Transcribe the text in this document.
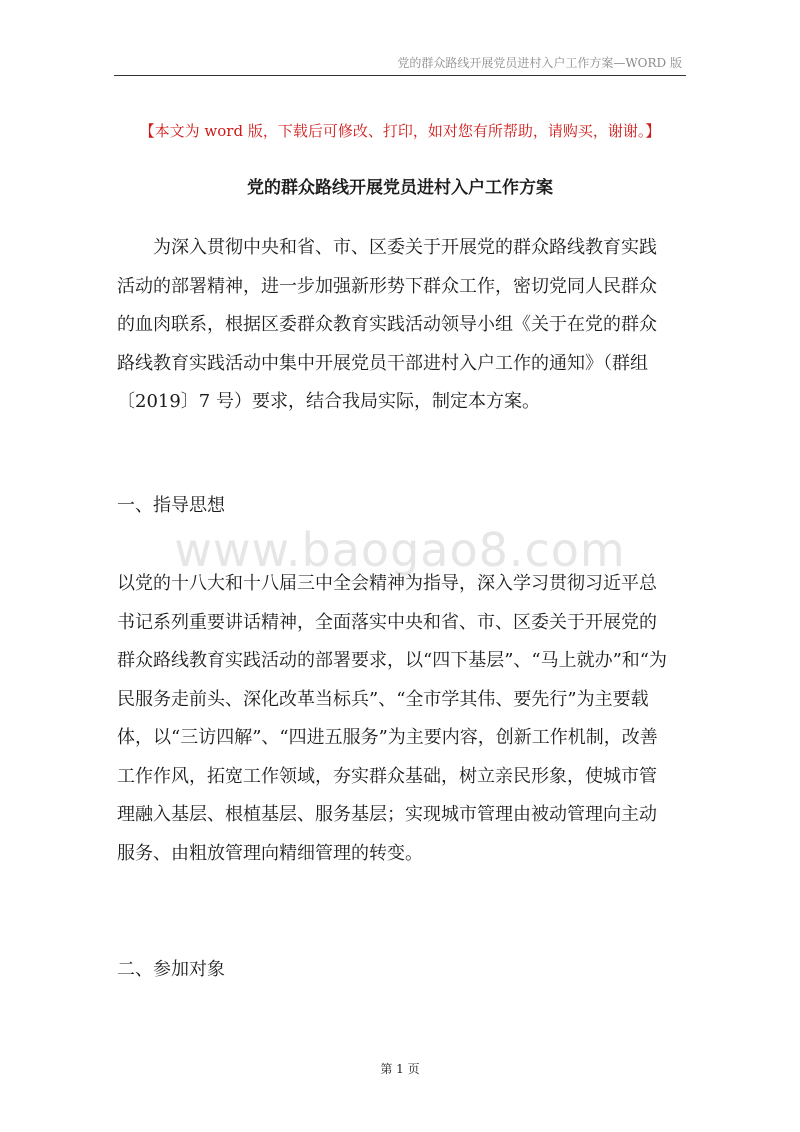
党的群众路线开展党员进村入户工作方案—WORD 版
【本文为 word 版，下载后可修改、打印，如对您有所帮助，请购买，谢谢。】
党的群众路线开展党员进村入户工作方案

为深入贯彻中央和省、市、区委关于开展党的群众路线教育实践
活动的部署精神，进一步加强新形势下群众工作，密切党同人民群众
的血肉联系，根据区委群众教育实践活动领导小组《关于在党的群众
路线教育实践活动中集中开展党员干部进村入户工作的通知》（群组
〔2019〕7 号）要求，结合我局实际，制定本方案。

一、指导思想
www.baogao8.com

以党的十八大和十八届三中全会精神为指导，深入学习贯彻习近平总
书记系列重要讲话精神，全面落实中央和省、市、区委关于开展党的
群众路线教育实践活动的部署要求，以“四下基层”、“马上就办”和“为
民服务走前头、深化改革当标兵”、“全市学其伟、要先行”为主要载
体，以“三访四解”、“四进五服务”为主要内容，创新工作机制，改善
工作作风，拓宽工作领域，夯实群众基础，树立亲民形象，使城市管
理融入基层、根植基层、服务基层；实现城市管理由被动管理向主动
服务、由粗放管理向精细管理的转变。

二、参加对象
第 1 页
